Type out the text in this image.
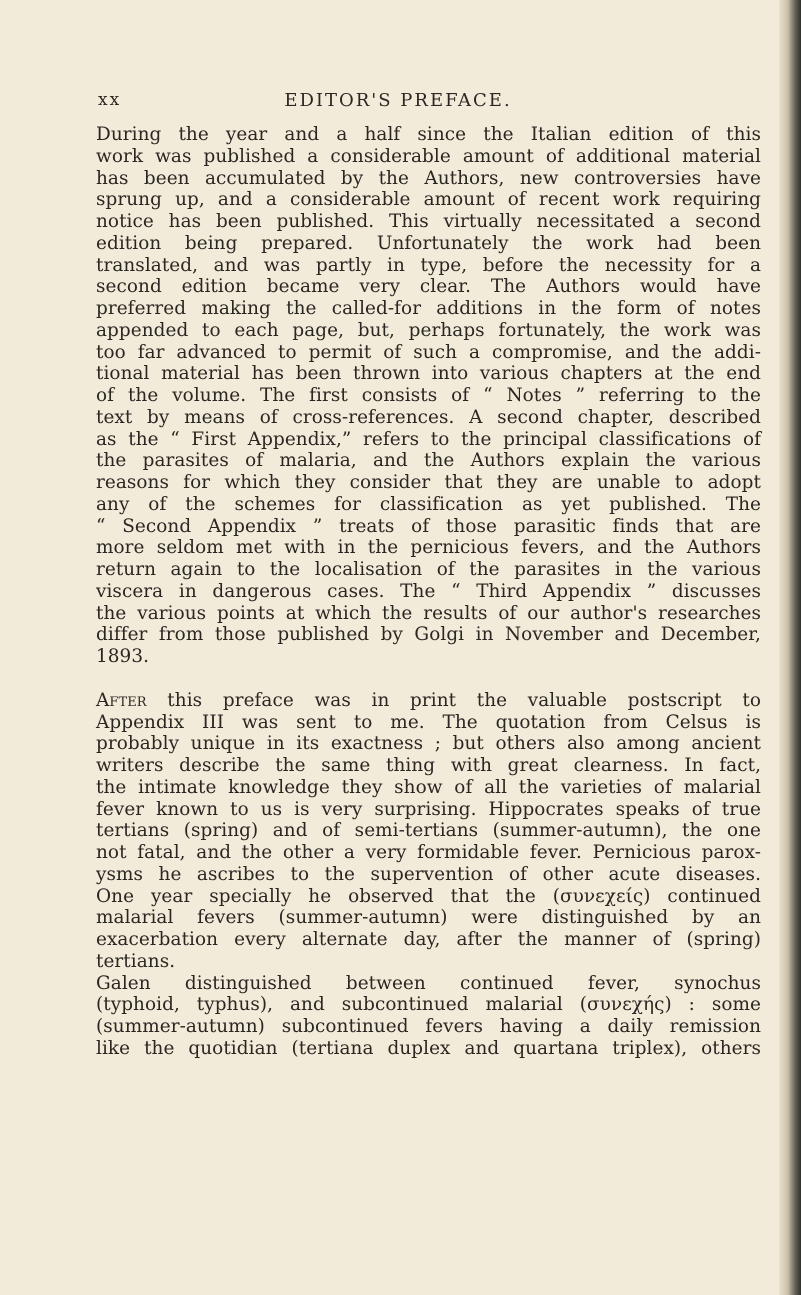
xx	EDITOR'S PREFACE.

During the year and a half since the Italian edition of this
work was published a considerable amount of additional material
has been accumulated by the Authors, new controversies have
sprung up, and a considerable amount of recent work requiring
notice has been published. This virtually necessitated a second
edition being prepared. Unfortunately the work had been
translated, and was partly in type, before the necessity for a
second edition became very clear. The Authors would have
preferred making the called-for additions in the form of notes
appended to each page, but, perhaps fortunately, the work was
too far advanced to permit of such a compromise, and the addi-
tional material has been thrown into various chapters at the end
of the volume. The first consists of “ Notes ” referring to the
text by means of cross-references. A second chapter, described
as the “ First Appendix,” refers to the principal classifications of
the parasites of malaria, and the Authors explain the various
reasons for which they consider that they are unable to adopt
any of the schemes for classification as yet published. The
“ Second Appendix ” treats of those parasitic finds that are
more seldom met with in the pernicious fevers, and the Authors
return again to the localisation of the parasites in the various
viscera in dangerous cases. The “ Third Appendix ” discusses
the various points at which the results of our author's researches
differ from those published by Golgi in November and December,
1893.

After this preface was in print the valuable postscript to
Appendix III was sent to me. The quotation from Celsus is
probably unique in its exactness ; but others also among ancient
writers describe the same thing with great clearness. In fact,
the intimate knowledge they show of all the varieties of malarial
fever known to us is very surprising. Hippocrates speaks of true
tertians (spring) and of semi-tertians (summer-autumn), the one
not fatal, and the other a very formidable fever. Pernicious parox-
ysms he ascribes to the supervention of other acute diseases.
One year specially he observed that the (συνεχείς) continued
malarial fevers (summer-autumn) were distinguished by an
exacerbation every alternate day, after the manner of (spring)
tertians.
Galen distinguished between continued fever, synochus
(typhoid, typhus), and subcontinued malarial (συνεχής) : some
(summer-autumn) subcontinued fevers having a daily remission
like the quotidian (tertiana duplex and quartana triplex), others
